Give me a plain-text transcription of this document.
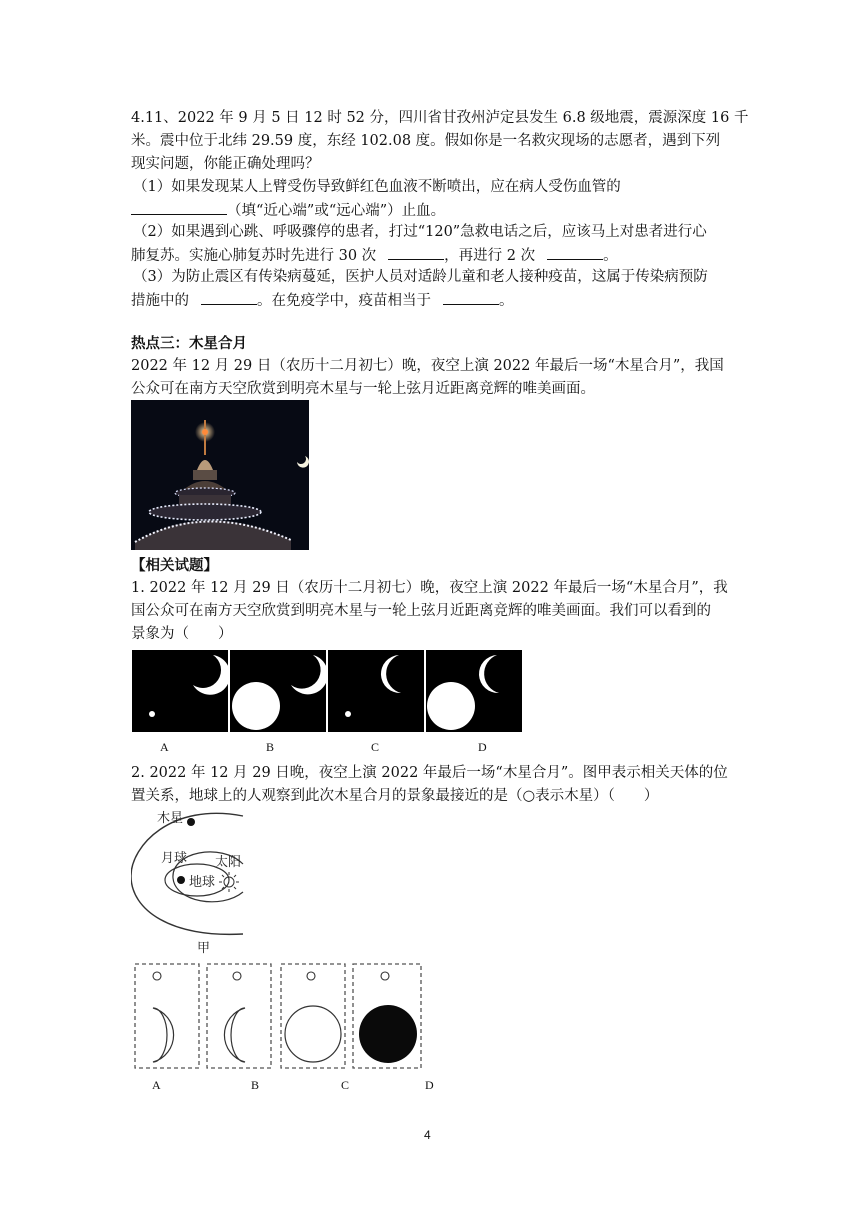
4.11、2022 年 9 月 5 日 12 时 52 分，四川省甘孜州泸定县发生 6.8 级地震，震源深度 16 千
米。震中位于北纬 29.59 度，东经 102.08 度。假如你是一名救灾现场的志愿者，遇到下列
现实问题，你能正确处理吗？
（1）如果发现某人上臂受伤导致鲜红色血液不断喷出，应在病人受伤血管的
（填“近心端”或“远心端”）止血。
（2）如果遇到心跳、呼吸骤停的患者，打过“120”急救电话之后，应该马上对患者进行心
肺复苏。实施心肺复苏时先进行 30 次	，再进行 2 次	。
（3）为防止震区有传染病蔓延，医护人员对适龄儿童和老人接种疫苗，这属于传染病预防
措施中的	。在免疫学中，疫苗相当于	。
热点三：木星合月
2022 年 12 月 29 日（农历十二月初七）晚，夜空上演 2022 年最后一场“木星合月”，我国
公众可在南方天空欣赏到明亮木星与一轮上弦月近距离竞辉的唯美画面。
【相关试题】
1. 2022 年 12 月 29 日（农历十二月初七）晚，夜空上演 2022 年最后一场“木星合月”，我
国公众可在南方天空欣赏到明亮木星与一轮上弦月近距离竞辉的唯美画面。我们可以看到的
景象为（　　）
A	B	C	D
2. 2022 年 12 月 29 日晚，夜空上演 2022 年最后一场“木星合月”。图甲表示相关天体的位
置关系，地球上的人观察到此次木星合月的景象最接近的是（○表示木星）（　　）
木星
月球 太阳
地球
甲
A	B	C	D
4
